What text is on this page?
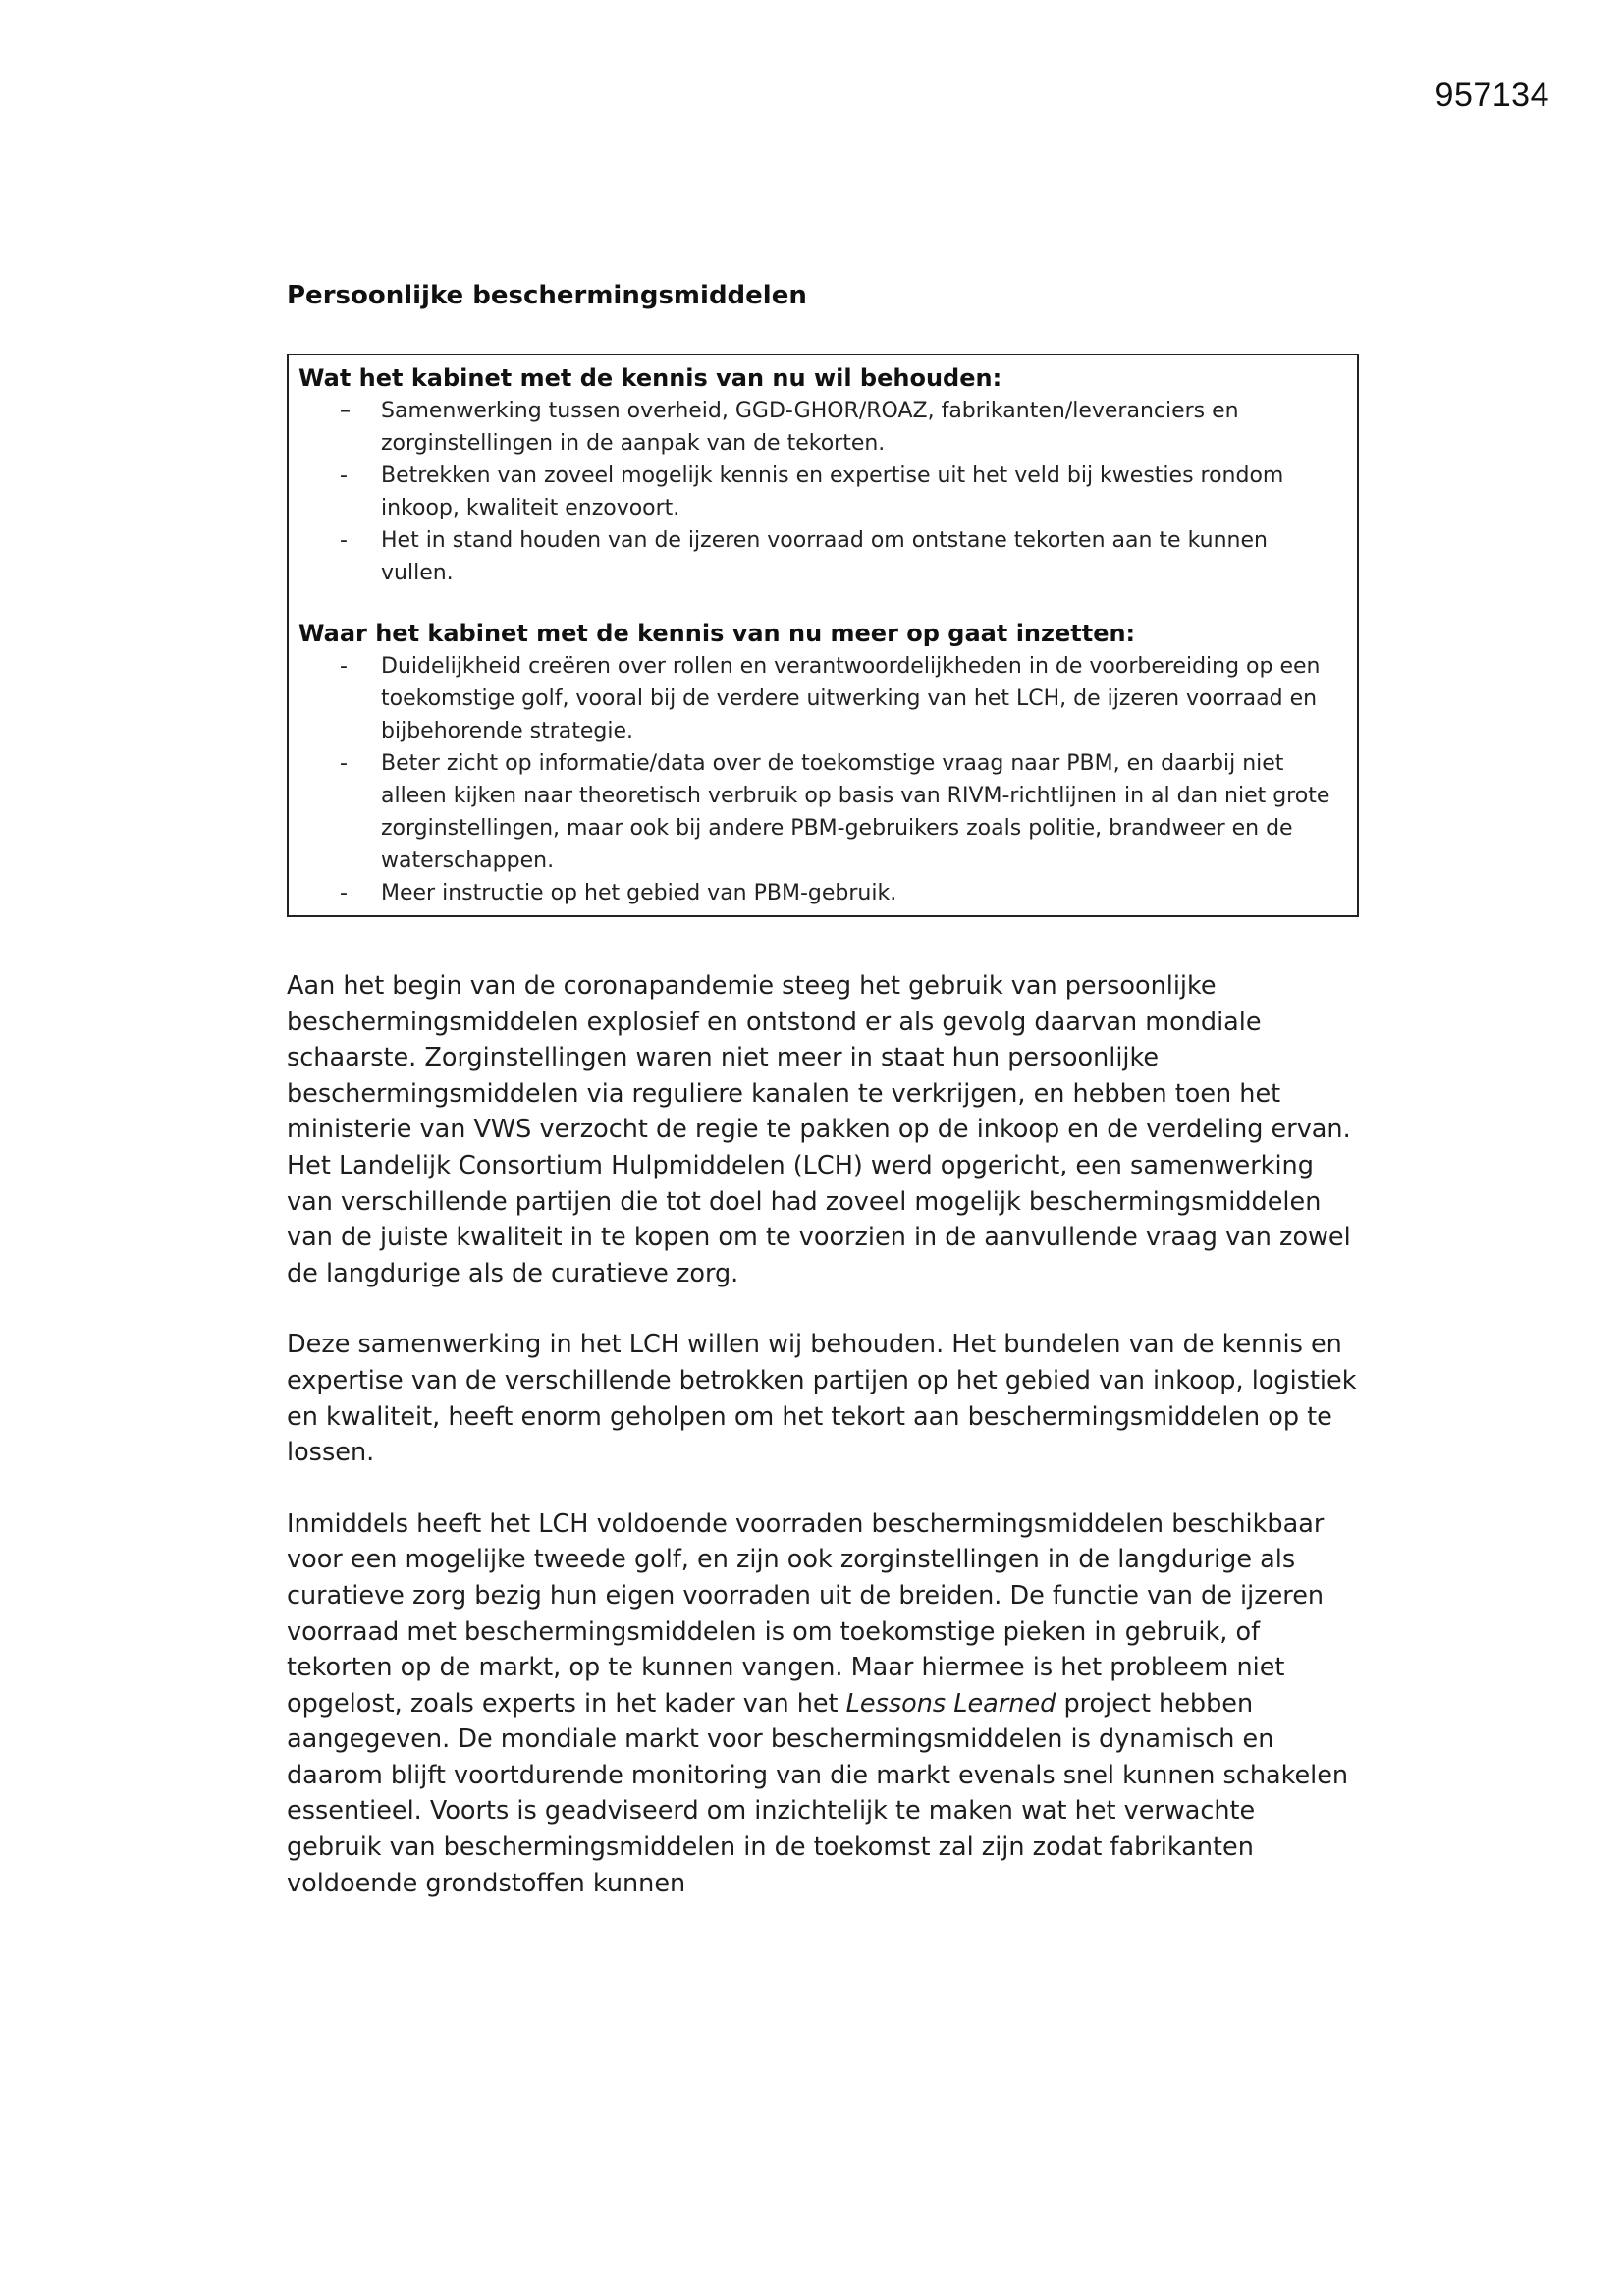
957134
Persoonlijke beschermingsmiddelen

Wat het kabinet met de kennis van nu wil behouden:

– Samenwerking tussen overheid, GGD-GHOR/ROAZ, fabrikanten/leveranciers en zorginstellingen in de aanpak van de tekorten.
- Betrekken van zoveel mogelijk kennis en expertise uit het veld bij kwesties rondom inkoop, kwaliteit enzovoort.
- Het in stand houden van de ijzeren voorraad om ontstane tekorten aan te kunnen vullen.

Waar het kabinet met de kennis van nu meer op gaat inzetten:

- Duidelijkheid creëren over rollen en verantwoordelijkheden in de voorbereiding op een toekomstige golf, vooral bij de verdere uitwerking van het LCH, de ijzeren voorraad en bijbehorende strategie.
- Beter zicht op informatie/data over de toekomstige vraag naar PBM, en daarbij niet alleen kijken naar theoretisch verbruik op basis van RIVM-richtlijnen in al dan niet grote zorginstellingen, maar ook bij andere PBM-gebruikers zoals politie, brandweer en de waterschappen.
- Meer instructie op het gebied van PBM-gebruik.

Aan het begin van de coronapandemie steeg het gebruik van persoonlijke beschermingsmiddelen explosief en ontstond er als gevolg daarvan mondiale schaarste. Zorginstellingen waren niet meer in staat hun persoonlijke beschermingsmiddelen via reguliere kanalen te verkrijgen, en hebben toen het ministerie van VWS verzocht de regie te pakken op de inkoop en de verdeling ervan. Het Landelijk Consortium Hulpmiddelen (LCH) werd opgericht, een samenwerking van verschillende partijen die tot doel had zoveel mogelijk beschermingsmiddelen van de juiste kwaliteit in te kopen om te voorzien in de aanvullende vraag van zowel de langdurige als de curatieve zorg.

Deze samenwerking in het LCH willen wij behouden. Het bundelen van de kennis en expertise van de verschillende betrokken partijen op het gebied van inkoop, logistiek en kwaliteit, heeft enorm geholpen om het tekort aan beschermingsmiddelen op te lossen.

Inmiddels heeft het LCH voldoende voorraden beschermingsmiddelen beschikbaar voor een mogelijke tweede golf, en zijn ook zorginstellingen in de langdurige als curatieve zorg bezig hun eigen voorraden uit de breiden. De functie van de ijzeren voorraad met beschermingsmiddelen is om toekomstige pieken in gebruik, of tekorten op de markt, op te kunnen vangen. Maar hiermee is het probleem niet opgelost, zoals experts in het kader van het Lessons Learned project hebben aangegeven. De mondiale markt voor beschermingsmiddelen is dynamisch en daarom blijft voortdurende monitoring van die markt evenals snel kunnen schakelen essentieel. Voorts is geadviseerd om inzichtelijk te maken wat het verwachte gebruik van beschermingsmiddelen in de toekomst zal zijn zodat fabrikanten voldoende grondstoffen kunnen
